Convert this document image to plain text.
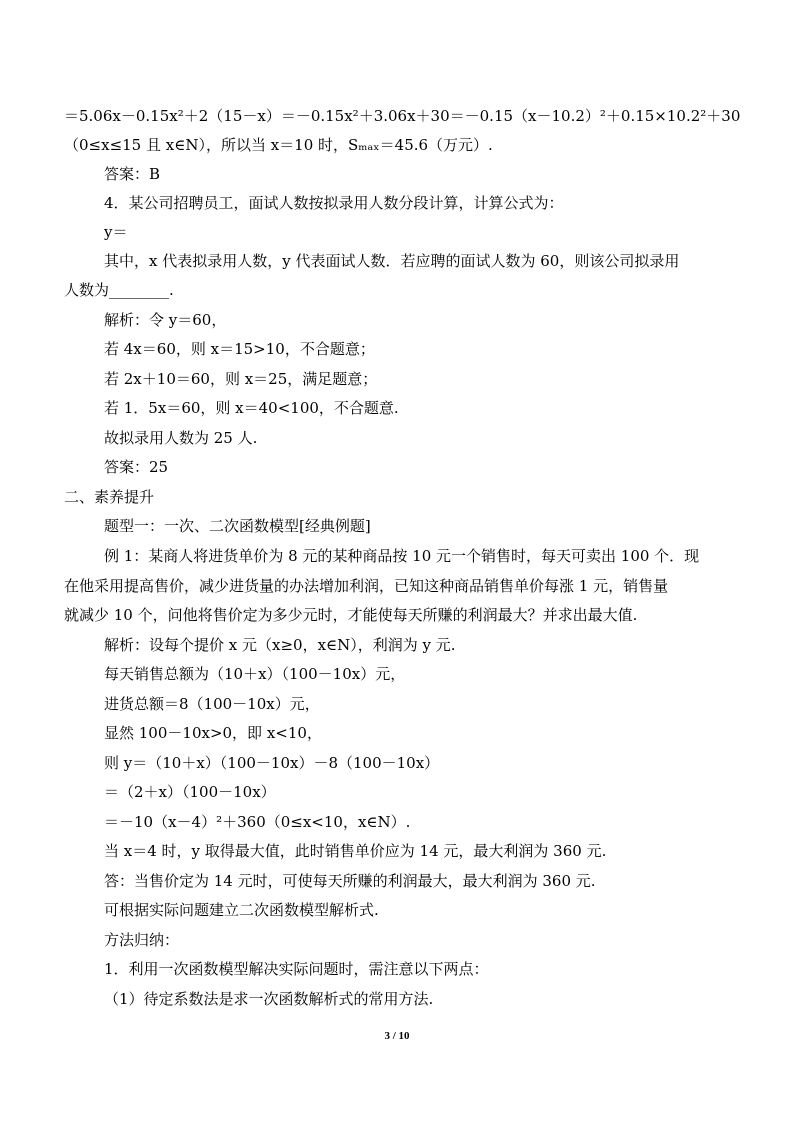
＝5.06x－0.15x²＋2（15－x）＝－0.15x²＋3.06x＋30＝－0.15（x－10.2）²＋0.15×10.2²＋30
（0≤x≤15 且 x∈N），所以当 x＝10 时，Sₘₐₓ＝45.6（万元）.
答案：B
4．某公司招聘员工，面试人数按拟录用人数分段计算，计算公式为：
y＝
其中，x 代表拟录用人数，y 代表面试人数．若应聘的面试人数为 60，则该公司拟录用
人数为________.
解析：令 y＝60，
若 4x＝60，则 x＝15>10，不合题意；
若 2x＋10＝60，则 x＝25，满足题意；
若 1．5x＝60，则 x＝40<100，不合题意.
故拟录用人数为 25 人.
答案：25
二、素养提升
题型一：一次、二次函数模型[经典例题]
例 1：某商人将进货单价为 8 元的某种商品按 10 元一个销售时，每天可卖出 100 个．现
在他采用提高售价，减少进货量的办法增加利润，已知这种商品销售单价每涨 1 元，销售量
就减少 10 个，问他将售价定为多少元时，才能使每天所赚的利润最大？并求出最大值.
解析：设每个提价 x 元（x≥0，x∈N），利润为 y 元.
每天销售总额为（10＋x）（100－10x）元，
进货总额＝8（100－10x）元，
显然 100－10x>0，即 x<10，
则 y＝（10＋x）（100－10x）－8（100－10x）
＝（2＋x）（100－10x）
＝－10（x－4）²＋360（0≤x<10，x∈N）.
当 x＝4 时，y 取得最大值，此时销售单价应为 14 元，最大利润为 360 元.
答：当售价定为 14 元时，可使每天所赚的利润最大，最大利润为 360 元.
可根据实际问题建立二次函数模型解析式.
方法归纳：
1．利用一次函数模型解决实际问题时，需注意以下两点：
（1）待定系数法是求一次函数解析式的常用方法.
3 / 10
